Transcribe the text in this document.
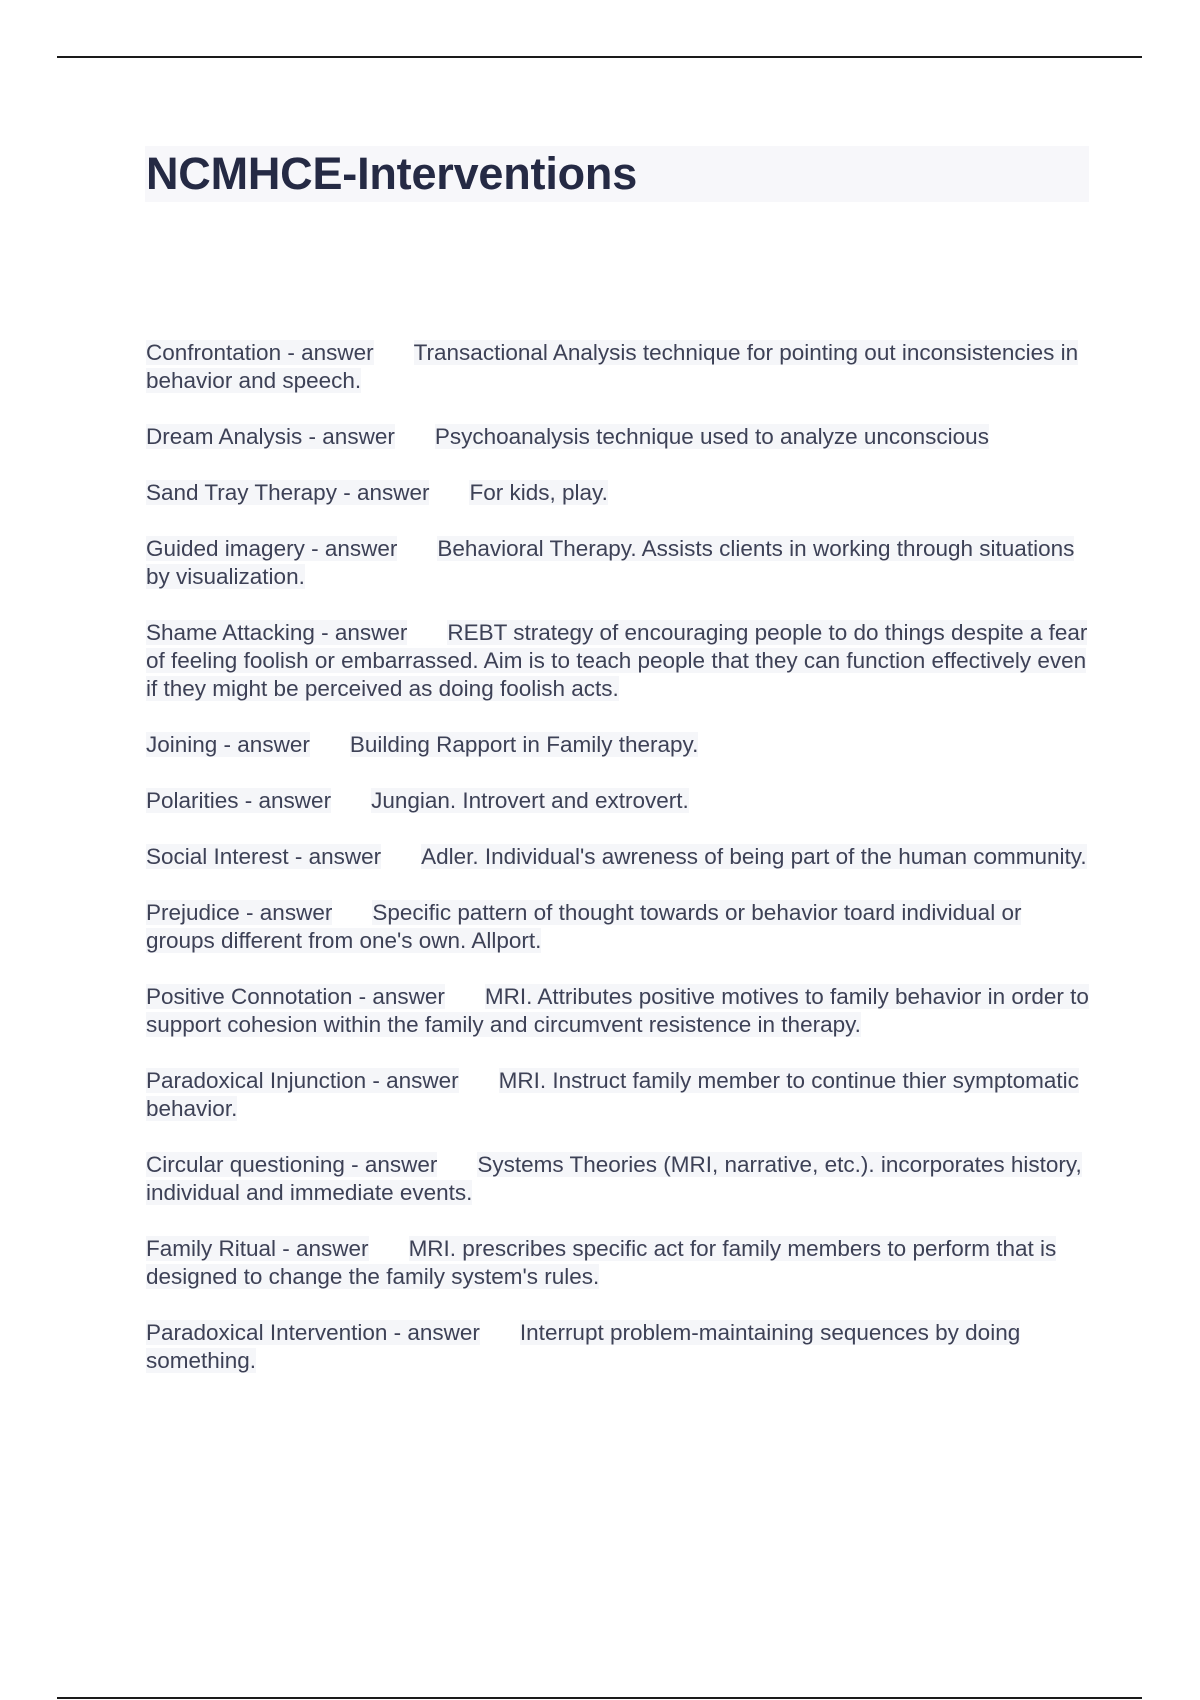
NCMHCE-Interventions

Confrontation - answer Transactional Analysis technique for pointing out inconsistencies in behavior and speech.

Dream Analysis - answer Psychoanalysis technique used to analyze unconscious

Sand Tray Therapy - answer For kids, play.

Guided imagery - answer Behavioral Therapy. Assists clients in working through situations by visualization.

Shame Attacking - answer REBT strategy of encouraging people to do things despite a fear of feeling foolish or embarrassed. Aim is to teach people that they can function effectively even if they might be perceived as doing foolish acts.

Joining - answer Building Rapport in Family therapy.

Polarities - answer Jungian. Introvert and extrovert.

Social Interest - answer Adler. Individual's awreness of being part of the human community.

Prejudice - answer Specific pattern of thought towards or behavior toard individual or groups different from one's own. Allport.

Positive Connotation - answer MRI. Attributes positive motives to family behavior in order to support cohesion within the family and circumvent resistence in therapy.

Paradoxical Injunction - answer MRI. Instruct family member to continue thier symptomatic behavior.

Circular questioning - answer Systems Theories (MRI, narrative, etc.). incorporates history, individual and immediate events.

Family Ritual - answer MRI. prescribes specific act for family members to perform that is designed to change the family system's rules.

Paradoxical Intervention - answer Interrupt problem-maintaining sequences by doing something.
